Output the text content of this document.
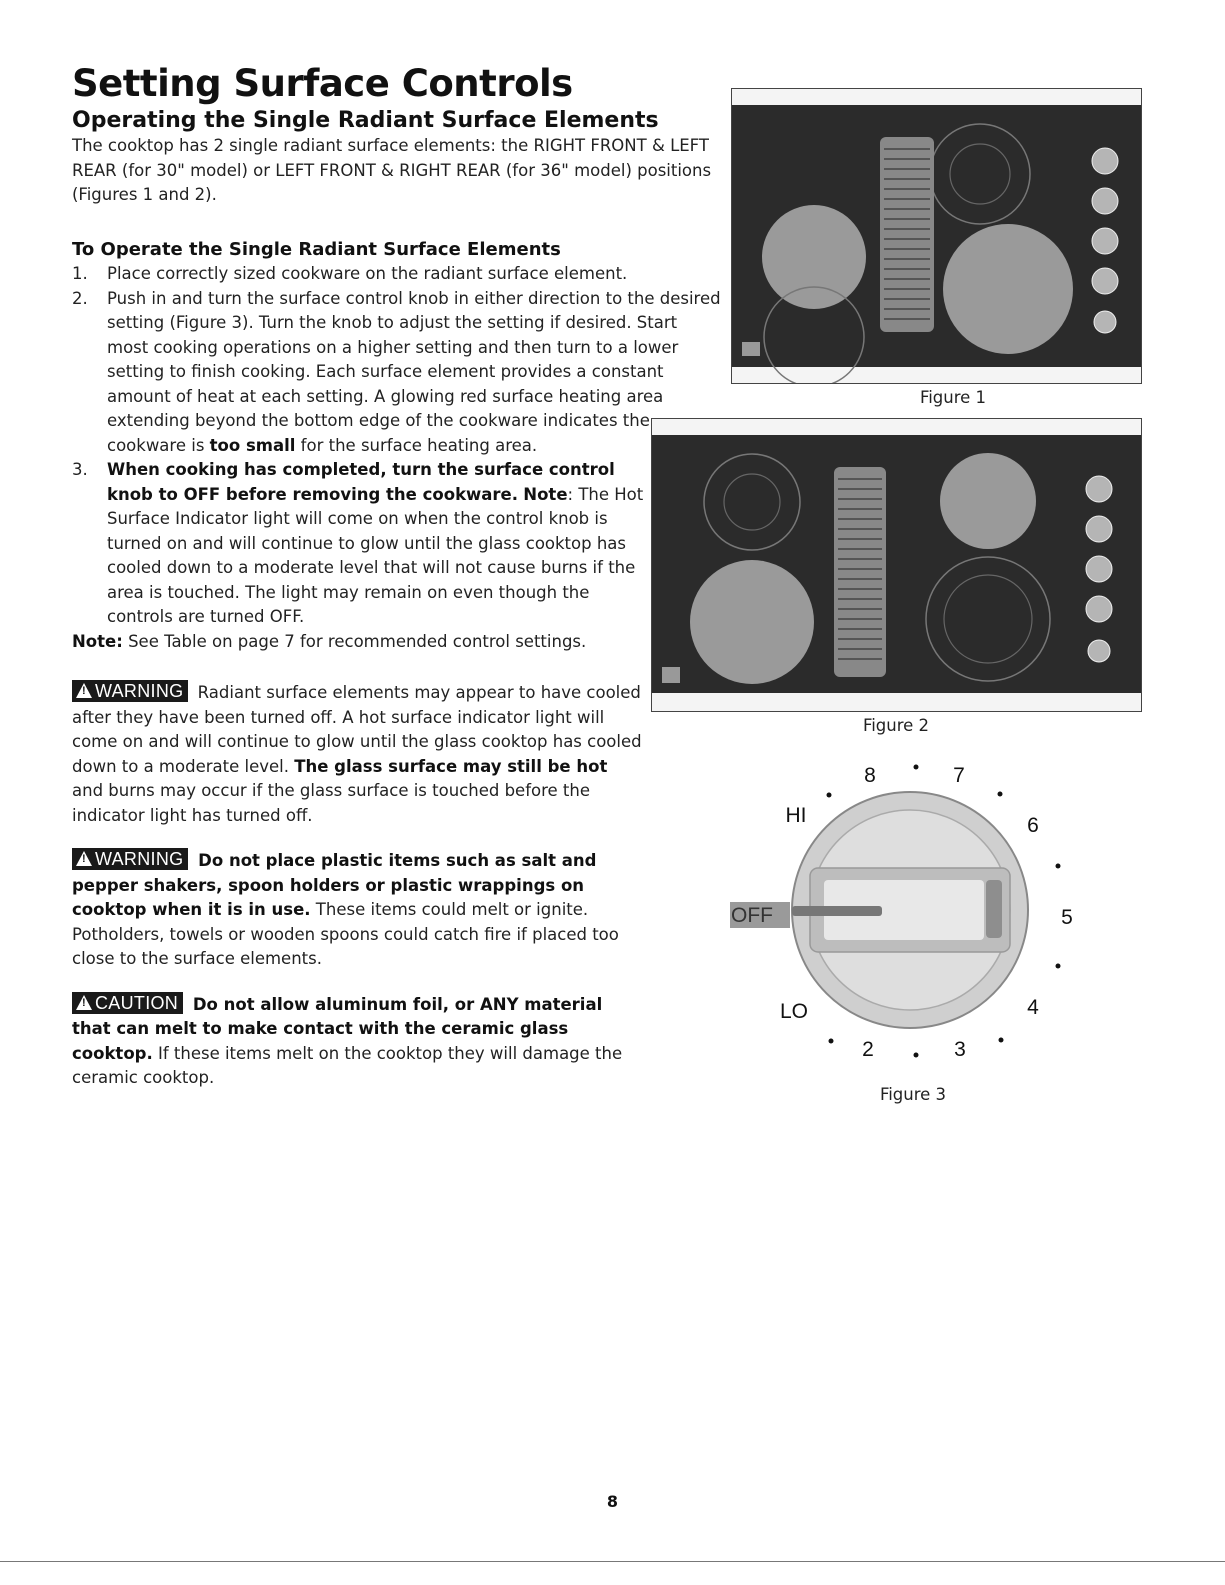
Setting Surface Controls
Operating the Single Radiant Surface Elements

The cooktop has 2 single radiant surface elements: the RIGHT FRONT & LEFT REAR (for 30" model) or LEFT FRONT & RIGHT REAR (for 36" model) positions (Figures 1 and 2).

To Operate the Single Radiant Surface Elements

1. Place correctly sized cookware on the radiant surface element.
2. Push in and turn the surface control knob in either direction to the desired setting (Figure 3). Turn the knob to adjust the setting if desired. Start most cooking operations on a higher setting and then turn to a lower setting to finish cooking. Each surface element provides a constant amount of heat at each setting. A glowing red surface heating area extending beyond the bottom edge of the cookware indicates the cookware is too small for the surface heating area.
3. When cooking has completed, turn the surface control knob to OFF before removing the cookware. Note: The Hot Surface Indicator light will come on when the control knob is turned on and will continue to glow until the glass cooktop has cooled down to a moderate level that will not cause burns if the area is touched. The light may remain on even though the controls are turned OFF.

Note: See Table on page 7 for recommended control settings.

! WARNING Radiant surface elements may appear to have cooled after they have been turned off. A hot surface indicator light will come on and will continue to glow until the glass cooktop has cooled down to a moderate level. The glass surface may still be hot and burns may occur if the glass surface is touched before the indicator light has turned off.

! WARNING Do not place plastic items such as salt and pepper shakers, spoon holders or plastic wrappings on cooktop when it is in use. These items could melt or ignite. Potholders, towels or wooden spoons could catch fire if placed too close to the surface elements.

! CAUTION Do not allow aluminum foil, or ANY material that can melt to make contact with the ceramic glass cooktop. If these items melt on the cooktop they will damage the ceramic cooktop.

Figure 1
Figure 2
OFF
HI
LO
8	7
6
5
4
3
2
Figure 3
8
